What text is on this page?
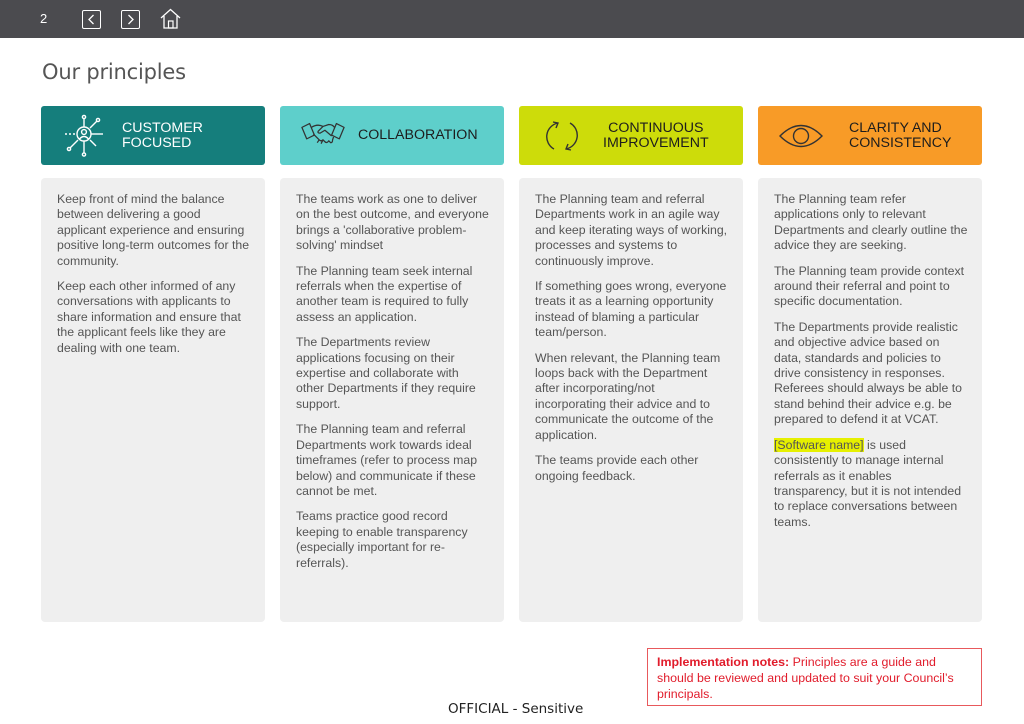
2
Our principles
CUSTOMER
FOCUSED

Keep front of mind the balance between delivering a good applicant experience and ensuring positive long-term outcomes for the community.

Keep each other informed of any conversations with applicants to share information and ensure that the applicant feels like they are dealing with one team.

COLLABORATION

The teams work as one to deliver on the best outcome, and everyone brings a 'collaborative problem-solving' mindset

The Planning team seek internal referrals when the expertise of another team is required to fully assess an application.

The Departments review applications focusing on their expertise and collaborate with other Departments if they require support.

The Planning team and referral Departments work towards ideal timeframes (refer to process map below) and communicate if these cannot be met.

Teams practice good record keeping to enable transparency (especially important for re-referrals).

CONTINUOUS
IMPROVEMENT

The Planning team and referral Departments work in an agile way and keep iterating ways of working, processes and systems to continuously improve.

If something goes wrong, everyone treats it as a learning opportunity instead of blaming a particular team/person.

When relevant, the Planning team loops back with the Department after incorporating/not incorporating their advice and to communicate the outcome of the application.

The teams provide each other ongoing feedback.

CLARITY AND
CONSISTENCY

The Planning team refer applications only to relevant Departments and clearly outline the advice they are seeking.

The Planning team provide context around their referral and point to specific documentation.

The Departments provide realistic and objective advice based on data, standards and policies to drive consistency in responses. Referees should always be able to stand behind their advice e.g. be prepared to defend it at VCAT.

[Software name] is used consistently to manage internal referrals as it enables transparency, but it is not intended to replace conversations between teams.

Implementation notes: Principles are a guide and should be reviewed and updated to suit your Council’s principals.
OFFICIAL - Sensitive
